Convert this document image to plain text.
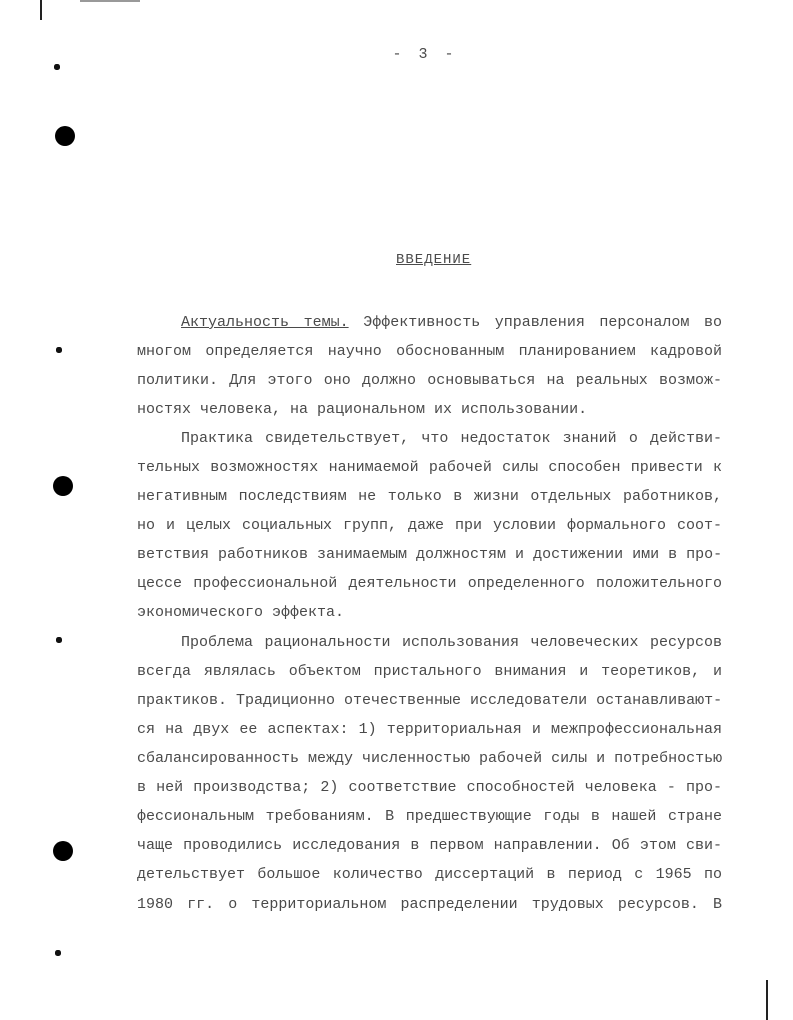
- 3 -
ВВЕДЕНИЕ
Актуальность темы. Эффективность управления персоналом во
многом определяется научно обоснованным планированием кадровой
политики. Для этого оно должно основываться на реальных возмож-
ностях человека, на рациональном их использовании.
Практика свидетельствует, что недостаток знаний о действи-
тельных возможностях нанимаемой рабочей силы способен привести к
негативным последствиям не только в жизни отдельных работников,
но и целых социальных групп, даже при условии формального соот-
ветствия работников занимаемым должностям и достижении ими в про-
цессе профессиональной деятельности определенного положительного
экономического эффекта.
Проблема рациональности использования человеческих ресурсов
всегда являлась объектом пристального внимания и теоретиков, и
практиков. Традиционно отечественные исследователи останавливают-
ся на двух ее аспектах: 1) территориальная и межпрофессиональная
сбалансированность между численностью рабочей силы и потребностью
в ней производства; 2) соответствие способностей человека - про-
фессиональным требованиям. В предшествующие годы в нашей стране
чаще проводились исследования в первом направлении. Об этом сви-
детельствует большое количество диссертаций в период с 1965 по
1980 гг. о территориальном распределении трудовых ресурсов. В
